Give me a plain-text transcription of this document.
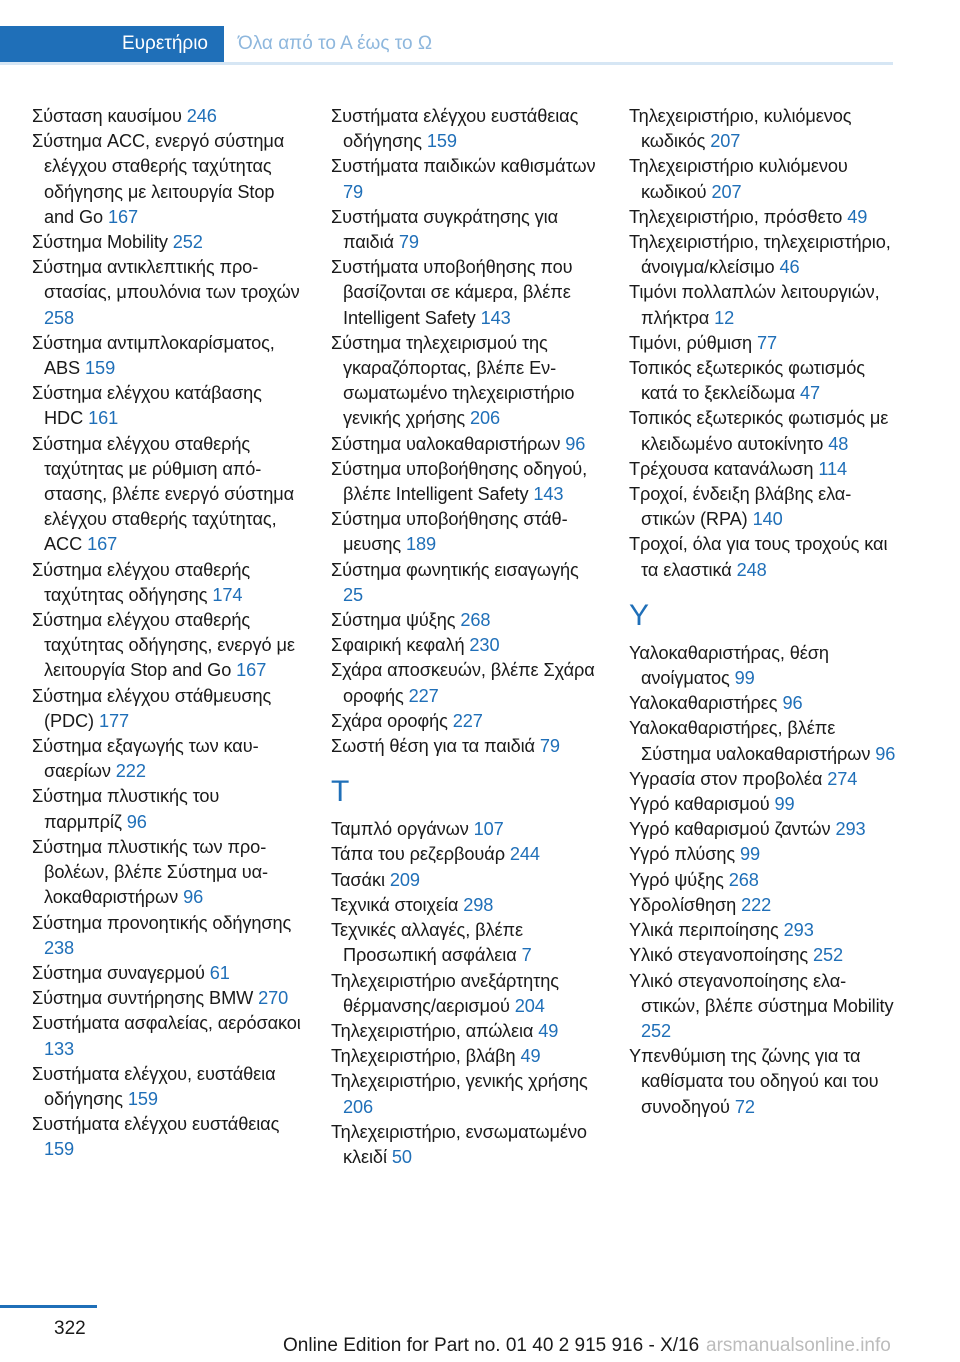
Ευρετήριο	Όλα από το Α έως το Ω
Σύσταση καυσίμου 246
Σύστημα ACC, ενεργό σύστημα ελέγχου σταθερής ταχύτητας οδήγησης με λειτουργία Stop and Go 167
Σύστημα Mobility 252
Σύστημα αντικλεπτικής προστασίας, μπουλόνια των τροχών 258
Σύστημα αντιμπλοκαρίσματος, ABS 159
Σύστημα ελέγχου κατάβασης HDC 161
Σύστημα ελέγχου σταθερής ταχύτητας με ρύθμιση απόστασης, βλέπε ενεργό σύστημα ελέγχου σταθερής ταχύτητας, ACC 167
Σύστημα ελέγχου σταθερής ταχύτητας οδήγησης 174
Σύστημα ελέγχου σταθερής ταχύτητας οδήγησης, ενεργό με λειτουργία Stop and Go 167
Σύστημα ελέγχου στάθμευσης (PDC) 177
Σύστημα εξαγωγής των καυσαερίων 222
Σύστημα πλυστικής του παρμπρίζ 96
Σύστημα πλυστικής των προβολέων, βλέπε Σύστημα υαλοκαθαριστήρων 96
Σύστημα προνοητικής οδήγησης 238
Σύστημα συναγερμού 61
Σύστημα συντήρησης BMW 270
Συστήματα ασφαλείας, αερόσακοι 133
Συστήματα ελέγχου, ευστάθεια οδήγησης 159
Συστήματα ελέγχου ευστάθειας 159
Συστήματα ελέγχου ευστάθειας οδήγησης 159
Συστήματα παιδικών καθισμάτων 79
Συστήματα συγκράτησης για παιδιά 79
Συστήματα υποβοήθησης που βασίζονται σε κάμερα, βλέπε Intelligent Safety 143
Σύστημα τηλεχειρισμού της γκαραζόπορτας, βλέπε Ενσωματωμένο τηλεχειριστήριο γενικής χρήσης 206
Σύστημα υαλοκαθαριστήρων 96
Σύστημα υποβοήθησης οδηγού, βλέπε Intelligent Safety 143
Σύστημα υποβοήθησης στάθμευσης 189
Σύστημα φωνητικής εισαγωγής 25
Σύστημα ψύξης 268
Σφαιρική κεφαλή 230
Σχάρα αποσκευών, βλέπε Σχάρα οροφής 227
Σχάρα οροφής 227
Σωστή θέση για τα παιδιά 79
Τ
Ταμπλό οργάνων 107
Τάπα του ρεζερβουάρ 244
Τασάκι 209
Τεχνικά στοιχεία 298
Τεχνικές αλλαγές, βλέπε Προσωπική ασφάλεια 7
Τηλεχειριστήριο ανεξάρτητης θέρμανσης/αερισμού 204
Τηλεχειριστήριο, απώλεια 49
Τηλεχειριστήριο, βλάβη 49
Τηλεχειριστήριο, γενικής χρήσης 206
Τηλεχειριστήριο, ενσωματωμένο κλειδί 50
Τηλεχειριστήριο, κυλιόμενος κωδικός 207
Τηλεχειριστήριο κυλιόμενου κωδικού 207
Τηλεχειριστήριο, πρόσθετο 49
Τηλεχειριστήριο, τηλεχειριστήριο, άνοιγμα/κλείσιμο 46
Τιμόνι πολλαπλών λειτουργιών, πλήκτρα 12
Τιμόνι, ρύθμιση 77
Τοπικός εξωτερικός φωτισμός κατά το ξεκλείδωμα 47
Τοπικός εξωτερικός φωτισμός με κλειδωμένο αυτοκίνητο 48
Τρέχουσα κατανάλωση 114
Τροχοί, ένδειξη βλάβης ελαστικών (RPA) 140
Τροχοί, όλα για τους τροχούς και τα ελαστικά 248
Υ
Υαλοκαθαριστήρας, θέση ανοίγματος 99
Υαλοκαθαριστήρες 96
Υαλοκαθαριστήρες, βλέπε Σύστημα υαλοκαθαριστήρων 96
Υγρασία στον προβολέα 274
Υγρό καθαρισμού 99
Υγρό καθαρισμού ζαντών 293
Υγρό πλύσης 99
Υγρό ψύξης 268
Υδρολίσθηση 222
Υλικά περιποίησης 293
Υλικό στεγανοποίησης 252
Υλικό στεγανοποίησης ελαστικών, βλέπε σύστημα Mobility 252
Υπενθύμιση της ζώνης για τα καθίσματα του οδηγού και του συνοδηγού 72
322
Online Edition for Part no. 01 40 2 915 916 - X/16 arsmanualsonline.info
